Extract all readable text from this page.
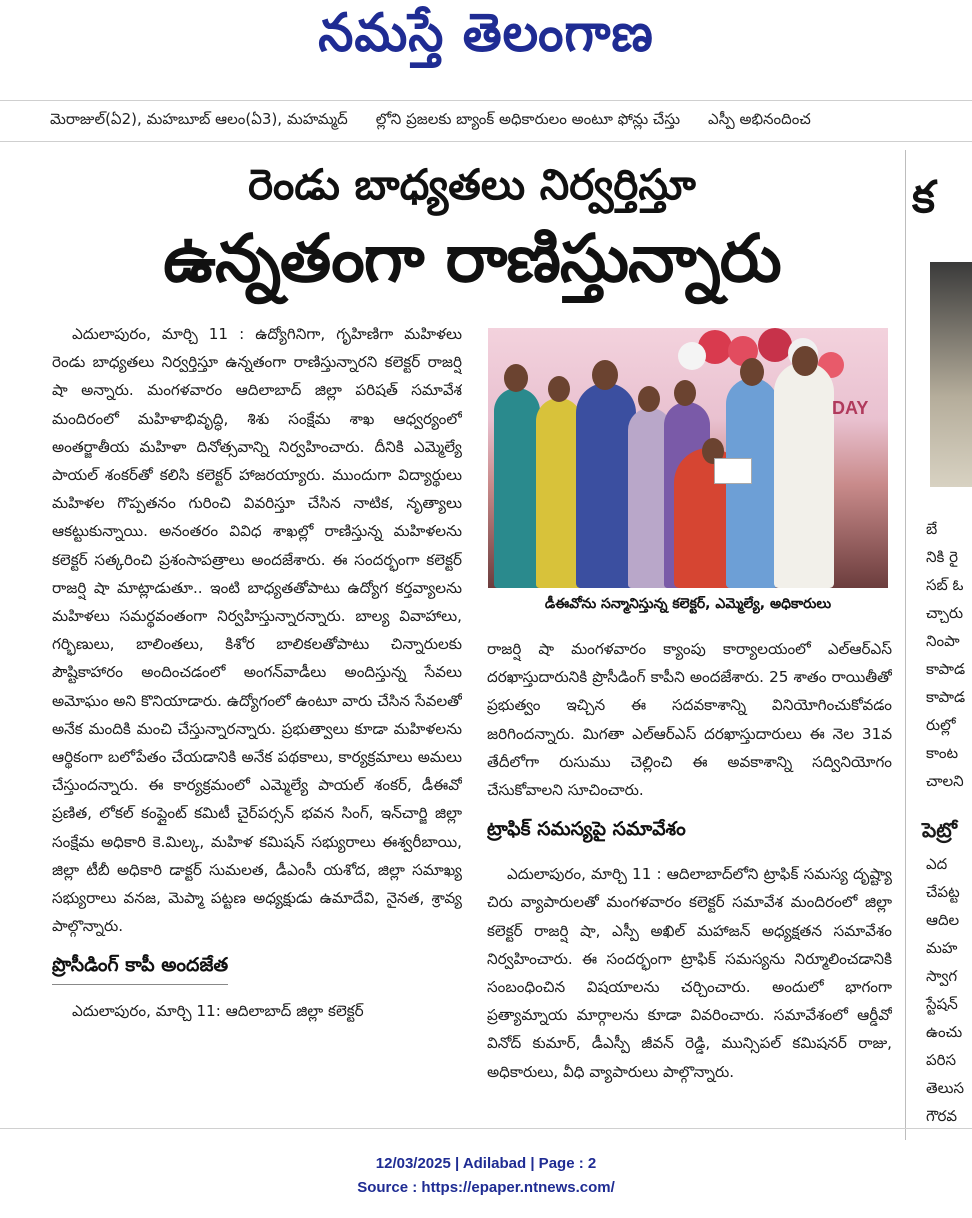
నమస్తే తెలంగాణ
మెరాజుల్(ఏ2), మహబూబ్ ఆలం(ఏ3), మహమ్మద్	ల్లోని ప్రజలకు బ్యాంక్ అధికారులం అంటూ ఫోన్లు చేస్తు	ఎస్పీ అభినందించ
రెండు బాధ్యతలు నిర్వర్తిస్తూ
ఉన్నతంగా రాణిస్తున్నారు

ఎదులాపురం, మార్చి 11 : ఉద్యోగినిగా, గృహిణిగా మహిళలు రెండు బాధ్యతలు నిర్వర్తిస్తూ ఉన్నతంగా రాణిస్తున్నారని కలెక్టర్ రాజర్షి షా అన్నారు. మంగళవారం ఆదిలాబాద్ జిల్లా పరిషత్ సమావేశ మందిరంలో మహిళాభివృద్ధి, శిశు సంక్షేమ శాఖ ఆధ్వర్యంలో అంతర్జాతీయ మహిళా దినోత్సవాన్ని నిర్వహించారు. దీనికి ఎమ్మెల్యే పాయల్ శంకర్‌తో కలిసి కలెక్టర్ హాజరయ్యారు. ముందుగా విద్యార్థులు మహిళల గొప్పతనం గురించి వివరిస్తూ చేసిన నాటిక, నృత్యాలు ఆకట్టుకున్నాయి. అనంతరం వివిధ శాఖల్లో రాణిస్తున్న మహిళలను కలెక్టర్ సత్కరించి ప్రశంసాపత్రాలు అందజేశారు. ఈ సందర్భంగా కలెక్టర్ రాజర్షి షా మాట్లాడుతూ.. ఇంటి బాధ్యతతోపాటు ఉద్యోగ కర్తవ్యాలను మహిళలు సమర్థవంతంగా నిర్వహిస్తున్నారన్నారు. బాల్య వివాహాలు, గర్భిణులు, బాలింతలు, కిశోర బాలికలతోపాటు చిన్నారులకు పౌష్టికాహారం అందించడంలో అంగన్‌వాడీలు అందిస్తున్న సేవలు అమోఘం అని కొనియాడారు. ఉద్యోగంలో ఉంటూ వారు చేసిన సేవలతో అనేక మందికి మంచి చేస్తున్నారన్నారు. ప్రభుత్వాలు కూడా మహిళలను ఆర్థికంగా బలోపేతం చేయడానికి అనేక పథకాలు, కార్యక్రమాలు అమలు చేస్తుందన్నారు. ఈ కార్యక్రమంలో ఎమ్మెల్యే పాయల్ శంకర్, డీఈవో ప్రణిత, లోకల్ కంప్లైంట్ కమిటీ చైర్‌పర్సన్ భవన సింగ్, ఇన్‌చార్జి జిల్లా సంక్షేమ అధికారి కె.మిల్క, మహిళ కమిషన్ సభ్యురాలు ఈశ్వరీబాయి, జిల్లా టీబీ అధికారి డాక్టర్ సుమలత, డీఎంసీ యశోద, జిల్లా సమాఖ్య సభ్యురాలు వనజ, మెప్మా పట్టణ అధ్యక్షుడు ఉమాదేవి, నైనత, శ్రావ్య పాల్గొన్నారు.

ప్రొసీడింగ్ కాపీ అందజేత

ఎదులాపురం, మార్చి 11: ఆదిలాబాద్ జిల్లా కలెక్టర్

DAY
డీఈవోను సన్మానిస్తున్న కలెక్టర్, ఎమ్మెల్యే, అధికారులు

రాజర్షి షా మంగళవారం క్యాంపు కార్యాలయంలో ఎల్ఆర్ఎస్ దరఖాస్తుదారునికి ప్రొసీడింగ్ కాపీని అందజేశారు. 25 శాతం రాయితీతో ప్రభుత్వం ఇచ్చిన ఈ సదవకాశాన్ని వినియోగించుకోవడం జరిగిందన్నారు. మిగతా ఎల్ఆర్ఎస్ దరఖాస్తుదారులు ఈ నెల 31వ తేదీలోగా రుసుము చెల్లించి ఈ అవకాశాన్ని సద్వినియోగం చేసుకోవాలని సూచించారు.

ట్రాఫిక్ సమస్యపై సమావేశం

ఎదులాపురం, మార్చి 11 : ఆదిలాబాద్‌లోని ట్రాఫిక్ సమస్య దృష్ట్యా చిరు వ్యాపారులతో మంగళవారం కలెక్టర్ సమావేశ మందిరంలో జిల్లా కలెక్టర్ రాజర్షి షా, ఎస్పీ అఖిల్ మహాజన్ అధ్యక్షతన సమావేశం నిర్వహించారు. ఈ సందర్భంగా ట్రాఫిక్ సమస్యను నిర్మూలించడానికి సంబంధించిన విషయాలను చర్చించారు. అందులో భాగంగా ప్రత్యామ్నాయ మార్గాలను కూడా వివరించారు. సమావేశంలో ఆర్డీవో వినోద్ కుమార్, డీఎస్పీ జీవన్ రెడ్డి, మున్సిపల్ కమిషనర్ రాజు, అధికారులు, వీధి వ్యాపారులు పాల్గొన్నారు.

క
బే
నికి రై
సబ్ ఓ
చ్చారు
నింపా
కాపాడ
కాపాడ
రుల్లో
కాంట
చాలని
పెట్రో
ఎద
చేపట్ట
ఆదిల
మహ
స్వాగ
స్టేషన్
ఉంచు
పరిస
తెలుస
గౌరవ
12/03/2025 | Adilabad | Page : 2
Source : https://epaper.ntnews.com/
